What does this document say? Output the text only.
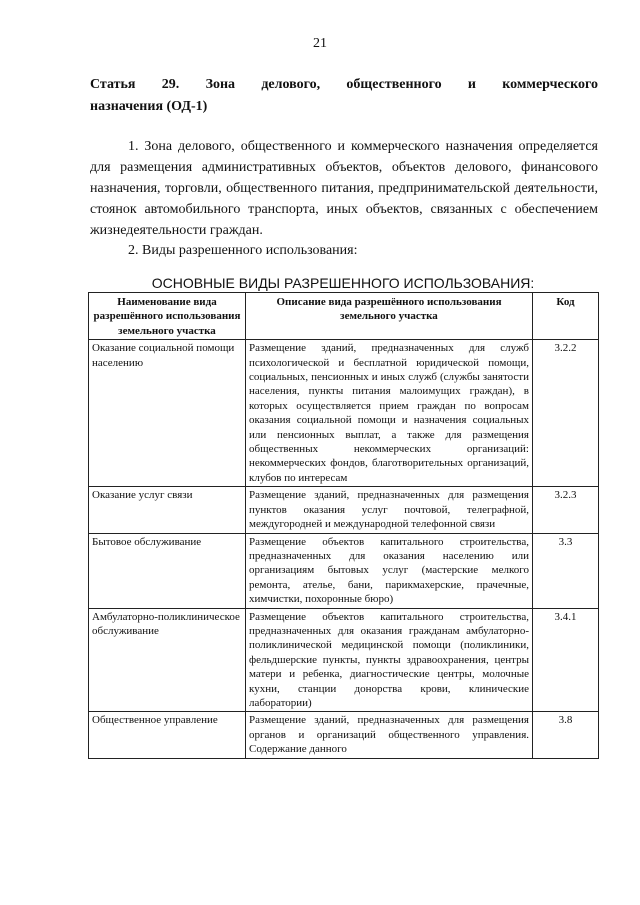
21
Статья 29. Зона делового, общественного и коммерческого
назначения (ОД-1)

1. Зона делового, общественного и коммерческого назначения определяется для размещения административных объектов, объектов делового, финансового назначения, торговли, общественного питания, предпринимательской деятельности, стоянок автомобильного транспорта, иных объектов, связанных с обеспечением жизнедеятельности граждан.

2. Виды разрешенного использования:

ОСНОВНЫЕ ВИДЫ РАЗРЕШЕННОГО ИСПОЛЬЗОВАНИЯ:
Наименование вида разрешённого использования земельного участка	Описание вида разрешённого использования земельного участка	Код
Оказание социальной помощи населению	Размещение зданий, предназначенных для служб психологической и бесплатной юридической помощи, социальных, пенсионных и иных служб (службы занятости населения, пункты питания малоимущих граждан), в которых осуществляется прием граждан по вопросам оказания социальной помощи и назначения социальных или пенсионных выплат, а также для размещения общественных некоммерческих организаций: некоммерческих фондов, благотворительных организаций, клубов по интересам	3.2.2
Оказание услуг связи	Размещение зданий, предназначенных для размещения пунктов оказания услуг почтовой, телеграфной, междугородней и международной телефонной связи	3.2.3
Бытовое обслуживание	Размещение объектов капитального строительства, предназначенных для оказания населению или организациям бытовых услуг (мастерские мелкого ремонта, ателье, бани, парикмахерские, прачечные, химчистки, похоронные бюро)	3.3
Амбулаторно-поликлиническое обслуживание	Размещение объектов капитального строительства, предназначенных для оказания гражданам амбулаторно-поликлинической медицинской помощи (поликлиники, фельдшерские пункты, пункты здравоохранения, центры матери и ребенка, диагностические центры, молочные кухни, станции донорства крови, клинические лаборатории)	3.4.1
Общественное управление	Размещение зданий, предназначенных для размещения органов и организаций общественного управления. Содержание данного	3.8
